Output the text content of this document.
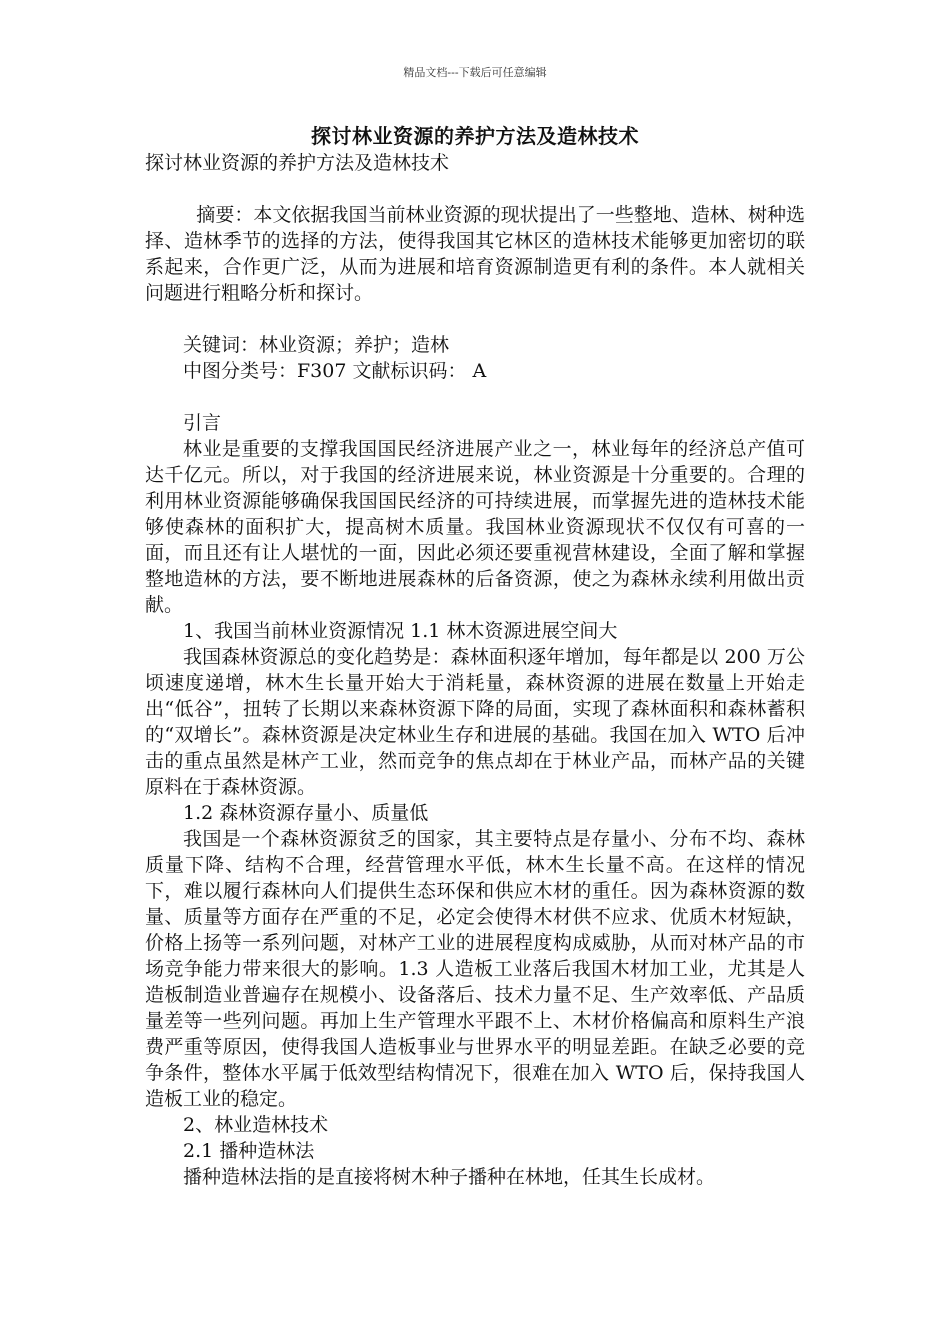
精品文档---下载后可任意编辑
探讨林业资源的养护方法及造林技术

探讨林业资源的养护方法及造林技术

摘要：本文依据我国当前林业资源的现状提出了一些整地、造林、树种选择、造林季节的选择的方法，使得我国其它林区的造林技术能够更加密切的联系起来，合作更广泛，从而为进展和培育资源制造更有利的条件。本人就相关问题进行粗略分析和探讨。

关键词：林业资源；养护；造林

中图分类号：F307 文献标识码： A

引言

林业是重要的支撑我国国民经济进展产业之一，林业每年的经济总产值可达千亿元。所以，对于我国的经济进展来说，林业资源是十分重要的。合理的利用林业资源能够确保我国国民经济的可持续进展，而掌握先进的造林技术能够使森林的面积扩大，提高树木质量。我国林业资源现状不仅仅有可喜的一面，而且还有让人堪忧的一面，因此必须还要重视营林建设，全面了解和掌握整地造林的方法，要不断地进展森林的后备资源，使之为森林永续利用做出贡献。

1、我国当前林业资源情况 1.1 林木资源进展空间大

我国森林资源总的变化趋势是：森林面积逐年增加，每年都是以 200 万公顷速度递增，林木生长量开始大于消耗量，森林资源的进展在数量上开始走出“低谷”，扭转了长期以来森林资源下降的局面，实现了森林面积和森林蓄积的“双增长”。森林资源是决定林业生存和进展的基础。我国在加入 WTO 后冲击的重点虽然是林产工业，然而竞争的焦点却在于林业产品，而林产品的关键原料在于森林资源。

1.2 森林资源存量小、质量低

我国是一个森林资源贫乏的国家，其主要特点是存量小、分布不均、森林质量下降、结构不合理，经营管理水平低，林木生长量不高。在这样的情况下，难以履行森林向人们提供生态环保和供应木材的重任。因为森林资源的数量、质量等方面存在严重的不足，必定会使得木材供不应求、优质木材短缺，价格上扬等一系列问题，对林产工业的进展程度构成威胁，从而对林产品的市场竞争能力带来很大的影响。1.3 人造板工业落后我国木材加工业，尤其是人造板制造业普遍存在规模小、设备落后、技术力量不足、生产效率低、产品质量差等一些列问题。再加上生产管理水平跟不上、木材价格偏高和原料生产浪费严重等原因，使得我国人造板事业与世界水平的明显差距。在缺乏必要的竞争条件，整体水平属于低效型结构情况下，很难在加入 WTO 后，保持我国人造板工业的稳定。

2、林业造林技术

2.1 播种造林法

播种造林法指的是直接将树木种子播种在林地，任其生长成材。
